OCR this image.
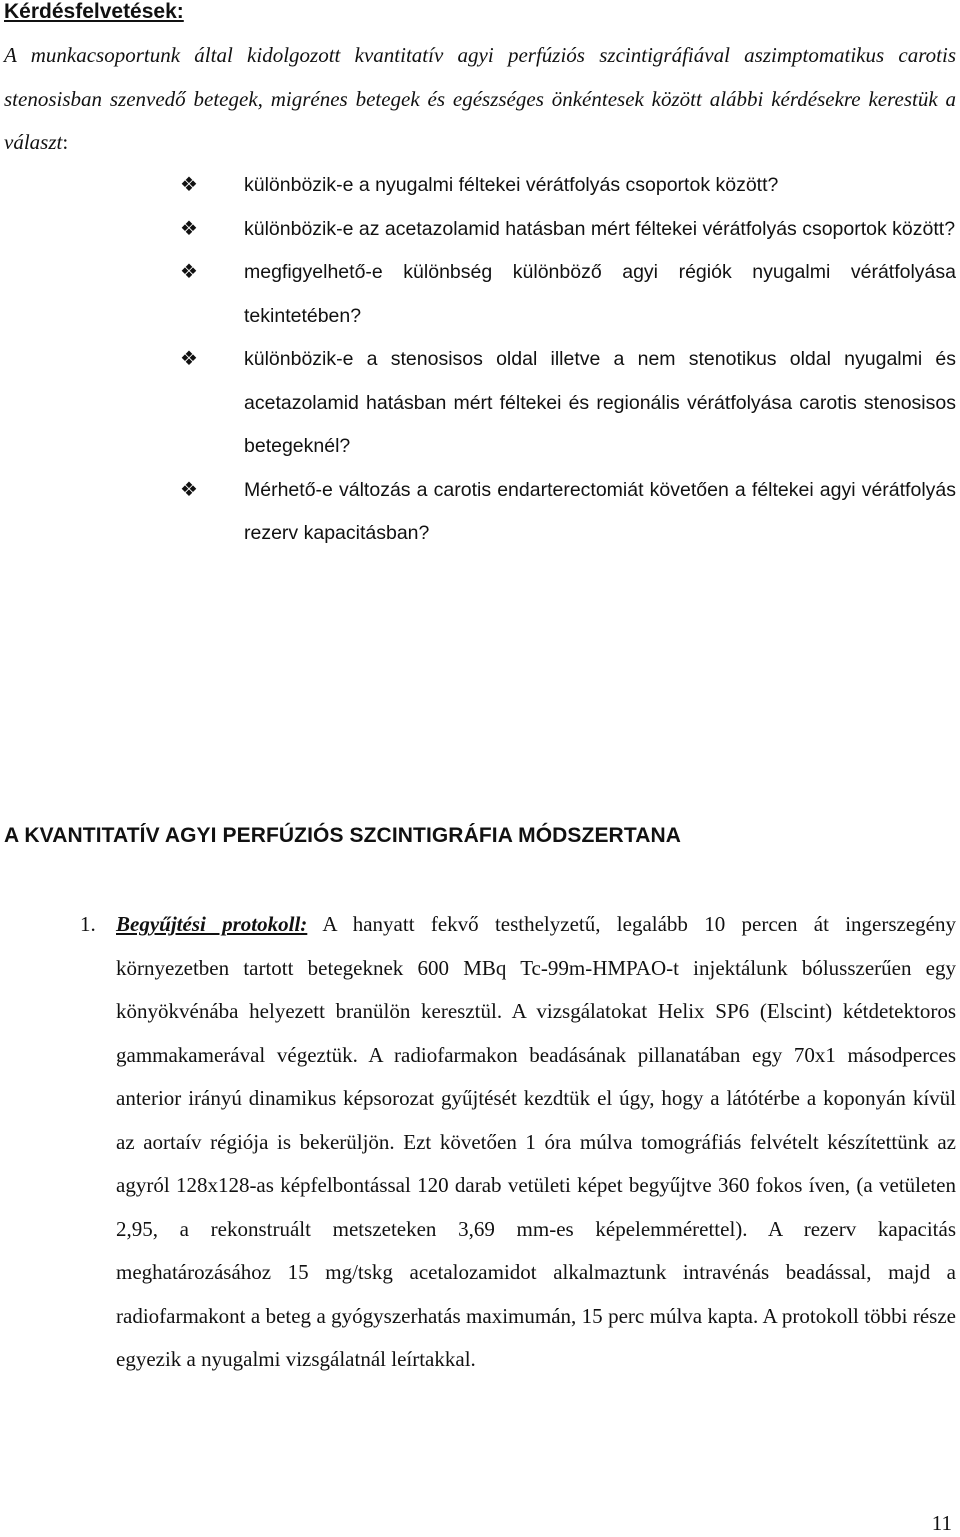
Kérdésfelvetések:

A munkacsoportunk által kidolgozott kvantitatív agyi perfúziós szcintigráfiával aszimptomatikus carotis stenosisban szenvedő betegek, migrénes betegek és egészséges önkéntesek között alábbi kérdésekre kerestük a választ:

❖ különbözik-e a nyugalmi féltekei vérátfolyás csoportok között?
❖ különbözik-e az acetazolamid hatásban mért féltekei vérátfolyás csoportok között?
❖ megfigyelhető-e különbség különböző agyi régiók nyugalmi vérátfolyása tekintetében?
❖ különbözik-e a stenosisos oldal illetve a nem stenotikus oldal nyugalmi és acetazolamid hatásban mért féltekei és regionális vérátfolyása carotis stenosisos betegeknél?
❖ Mérhető-e változás a carotis endarterectomiát követően a féltekei agyi vérátfolyás rezerv kapacitásban?
A KVANTITATÍV AGYI PERFÚZIÓS SZCINTIGRÁFIA MÓDSZERTANA
1. Begyűjtési protokoll: A hanyatt fekvő testhelyzetű, legalább 10 percen át ingerszegény környezetben tartott betegeknek 600 MBq Tc-99m-HMPAO-t injektálunk bólusszerűen egy könyökvénába helyezett branülön keresztül. A vizsgálatokat Helix SP6 (Elscint) kétdetektoros gammakamerával végeztük. A radiofarmakon beadásának pillanatában egy 70x1 másodperces anterior irányú dinamikus képsorozat gyűjtését kezdtük el úgy, hogy a látótérbe a koponyán kívül az aortaív régiója is bekerüljön. Ezt követően 1 óra múlva tomográfiás felvételt készítettünk az agyról 128x128-as képfelbontással 120 darab vetületi képet begyűjtve 360 fokos íven, (a vetületen 2,95, a rekonstruált metszeteken 3,69 mm-es képelemmérettel). A rezerv kapacitás meghatározásához 15 mg/tskg acetalozamidot alkalmaztunk intravénás beadással, majd a radiofarmakont a beteg a gyógyszerhatás maximumán, 15 perc múlva kapta. A protokoll többi része egyezik a nyugalmi vizsgálatnál leírtakkal.
11
